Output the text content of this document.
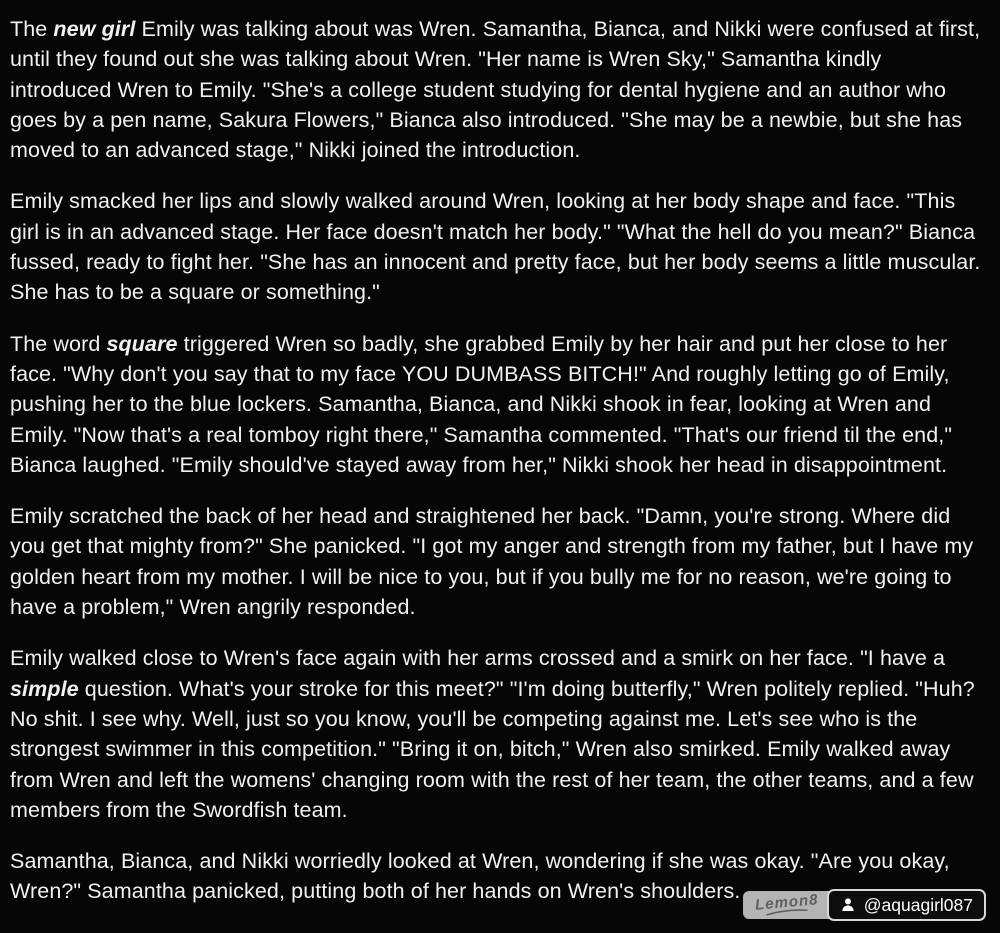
The new girl Emily was talking about was Wren. Samantha, Bianca, and Nikki were confused at first, until they found out she was talking about Wren. "Her name is Wren Sky," Samantha kindly introduced Wren to Emily. "She's a college student studying for dental hygiene and an author who goes by a pen name, Sakura Flowers," Bianca also introduced. "She may be a newbie, but she has moved to an advanced stage," Nikki joined the introduction.

Emily smacked her lips and slowly walked around Wren, looking at her body shape and face. "This girl is in an advanced stage. Her face doesn't match her body." "What the hell do you mean?" Bianca fussed, ready to fight her. "She has an innocent and pretty face, but her body seems a little muscular. She has to be a square or something."

The word square triggered Wren so badly, she grabbed Emily by her hair and put her close to her face. "Why don't you say that to my face YOU DUMBASS BITCH!" And roughly letting go of Emily, pushing her to the blue lockers. Samantha, Bianca, and Nikki shook in fear, looking at Wren and Emily. "Now that's a real tomboy right there," Samantha commented. "That's our friend til the end," Bianca laughed. "Emily should've stayed away from her," Nikki shook her head in disappointment.

Emily scratched the back of her head and straightened her back. "Damn, you're strong. Where did you get that mighty from?" She panicked. "I got my anger and strength from my father, but I have my golden heart from my mother. I will be nice to you, but if you bully me for no reason, we're going to have a problem," Wren angrily responded.

Emily walked close to Wren's face again with her arms crossed and a smirk on her face. "I have a simple question. What's your stroke for this meet?" "I'm doing butterfly," Wren politely replied. "Huh? No shit. I see why. Well, just so you know, you'll be competing against me. Let's see who is the strongest swimmer in this competition." "Bring it on, bitch," Wren also smirked. Emily walked away from Wren and left the womens' changing room with the rest of her team, the other teams, and a few members from the Swordfish team.

Samantha, Bianca, and Nikki worriedly looked at Wren, wondering if she was okay. "Are you okay, Wren?" Samantha panicked, putting both of her hands on Wren's shoulders. Lemon8	@aquagirl087
